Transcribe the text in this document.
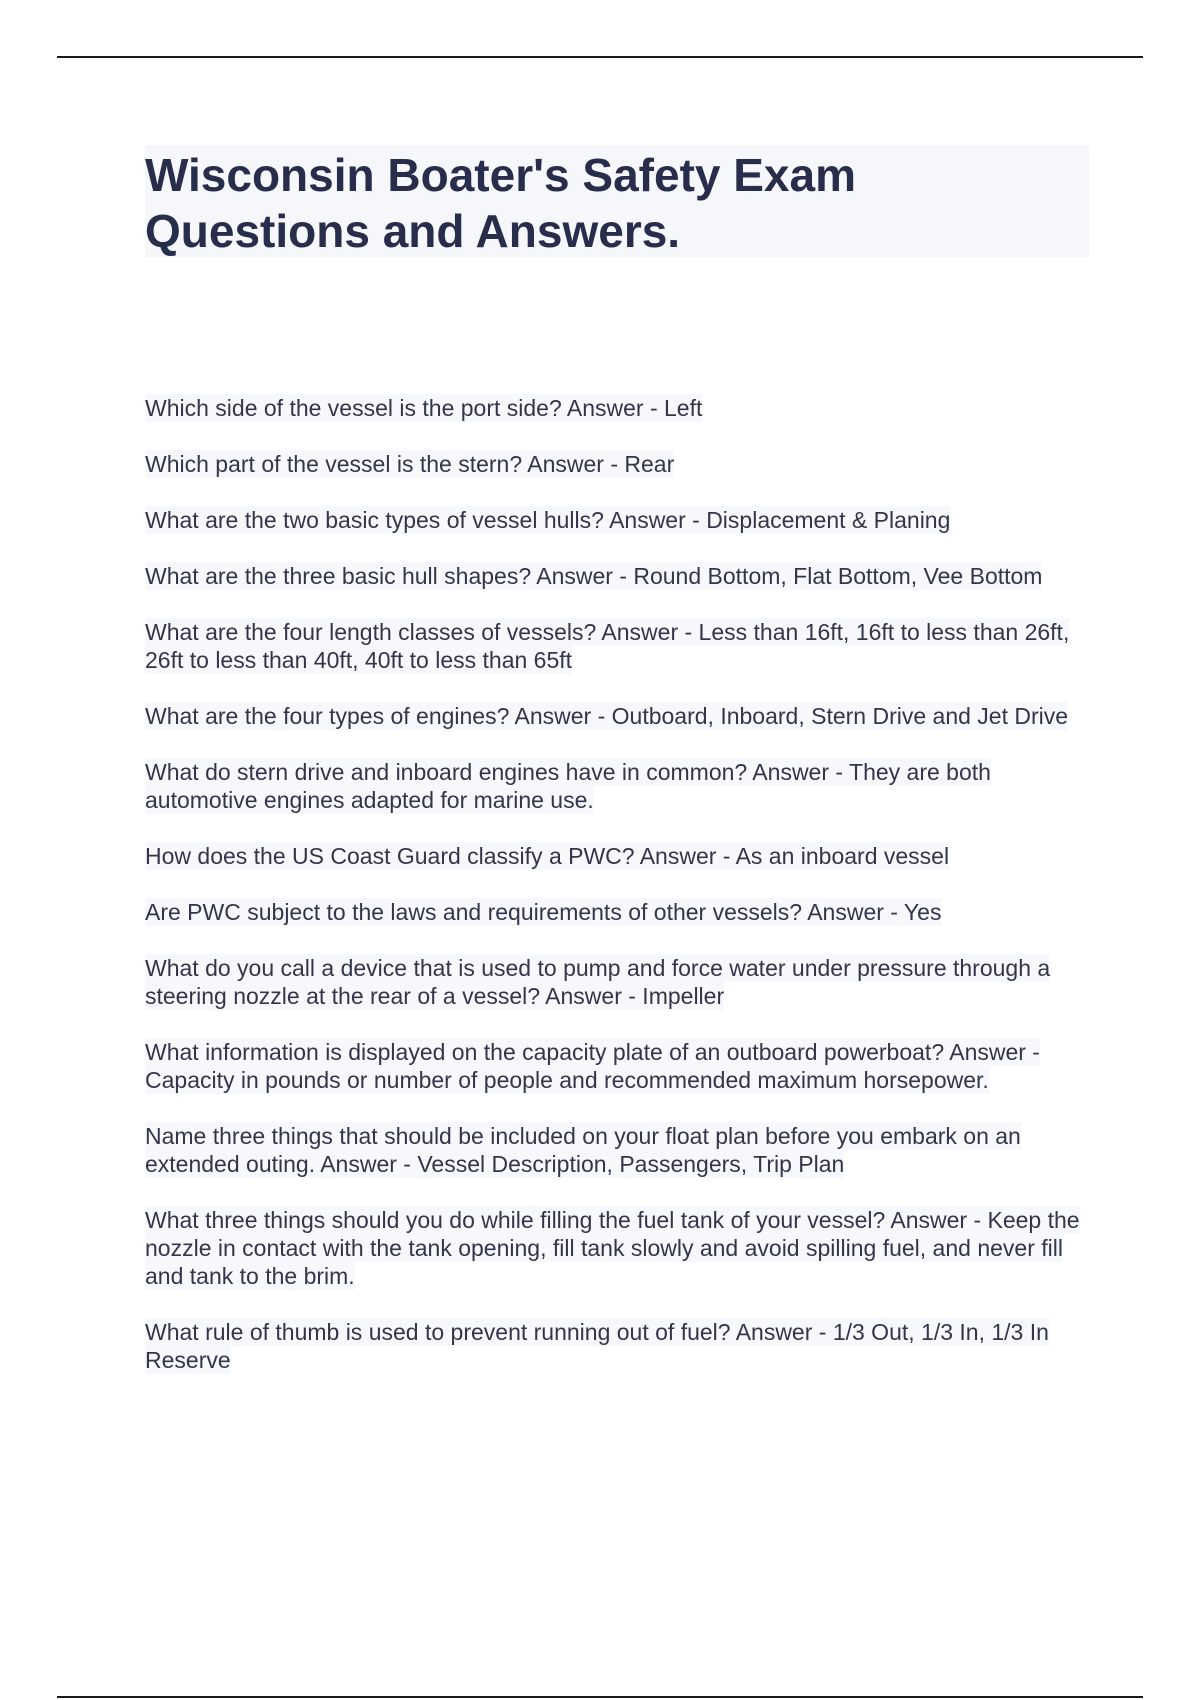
Wisconsin Boater's Safety Exam Questions and Answers.
Which side of the vessel is the port side? Answer - Left
Which part of the vessel is the stern? Answer - Rear
What are the two basic types of vessel hulls? Answer - Displacement & Planing
What are the three basic hull shapes? Answer - Round Bottom, Flat Bottom, Vee Bottom
What are the four length classes of vessels? Answer - Less than 16ft, 16ft to less than 26ft, 26ft to less than 40ft, 40ft to less than 65ft
What are the four types of engines? Answer - Outboard, Inboard, Stern Drive and Jet Drive
What do stern drive and inboard engines have in common? Answer - They are both automotive engines adapted for marine use.
How does the US Coast Guard classify a PWC? Answer - As an inboard vessel
Are PWC subject to the laws and requirements of other vessels? Answer - Yes
What do you call a device that is used to pump and force water under pressure through a steering nozzle at the rear of a vessel? Answer - Impeller
What information is displayed on the capacity plate of an outboard powerboat? Answer - Capacity in pounds or number of people and recommended maximum horsepower.
Name three things that should be included on your float plan before you embark on an extended outing. Answer - Vessel Description, Passengers, Trip Plan
What three things should you do while filling the fuel tank of your vessel? Answer - Keep the nozzle in contact with the tank opening, fill tank slowly and avoid spilling fuel, and never fill and tank to the brim.
What rule of thumb is used to prevent running out of fuel? Answer - 1/3 Out, 1/3 In, 1/3 In Reserve
